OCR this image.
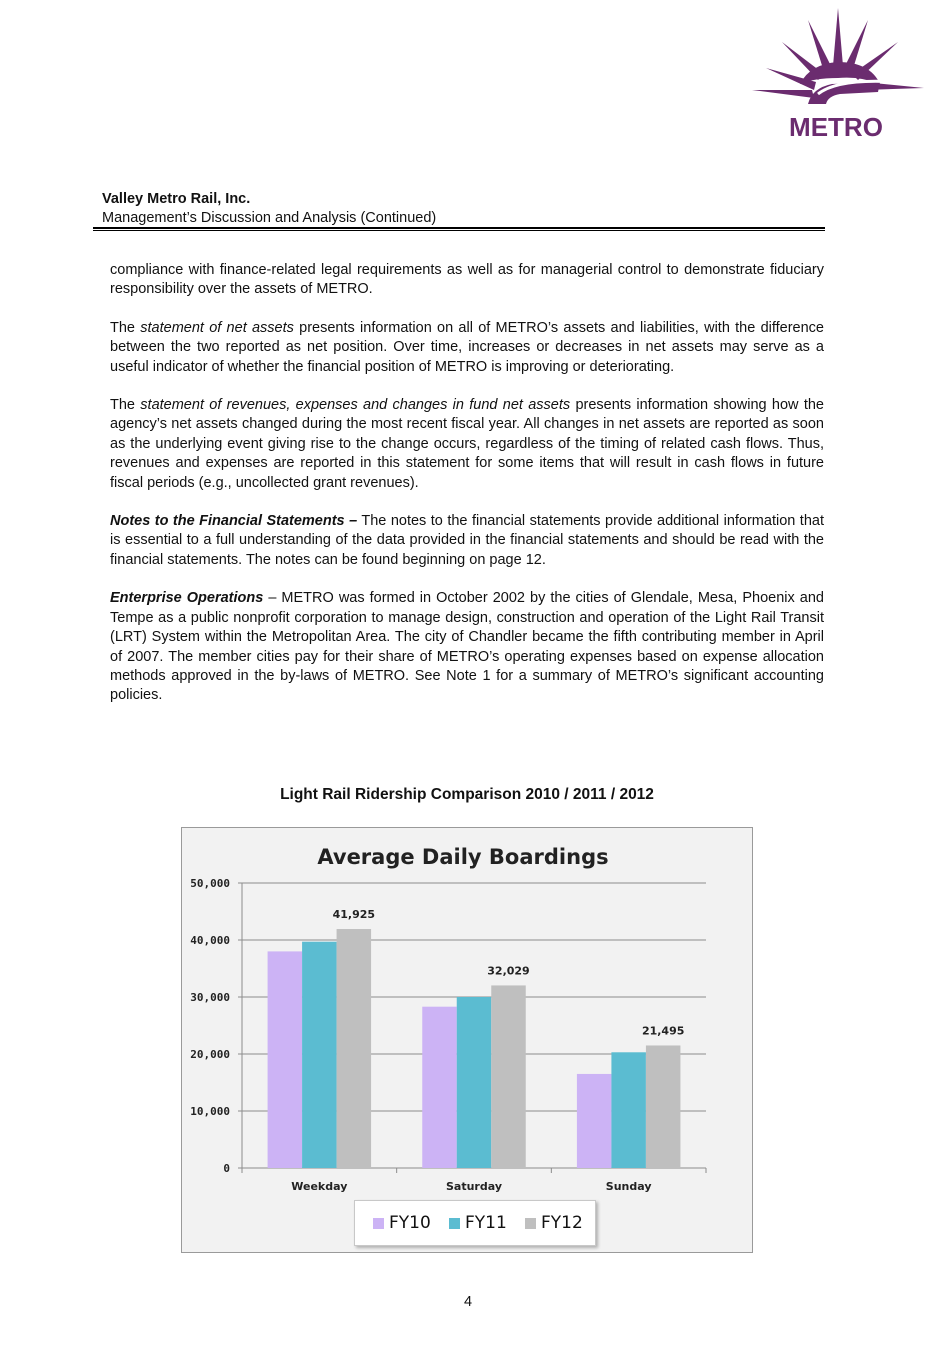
METRO
Valley Metro Rail, Inc.
Management’s Discussion and Analysis (Continued)

compliance with finance-related legal requirements as well as for managerial control to demonstrate fiduciary responsibility over the assets of METRO.

The statement of net assets presents information on all of METRO’s assets and liabilities, with the difference between the two reported as net position. Over time, increases or decreases in net assets may serve as a useful indicator of whether the financial position of METRO is improving or deteriorating.

The statement of revenues, expenses and changes in fund net assets presents information showing how the agency’s net assets changed during the most recent fiscal year. All changes in net assets are reported as soon as the underlying event giving rise to the change occurs, regardless of the timing of related cash flows. Thus, revenues and expenses are reported in this statement for some items that will result in cash flows in future fiscal periods (e.g., uncollected grant revenues).

Notes to the Financial Statements – The notes to the financial statements provide additional information that is essential to a full understanding of the data provided in the financial statements and should be read with the financial statements. The notes can be found beginning on page 12.

Enterprise Operations – METRO was formed in October 2002 by the cities of Glendale, Mesa, Phoenix and Tempe as a public nonprofit corporation to manage design, construction and operation of the Light Rail Transit (LRT) System within the Metropolitan Area. The city of Chandler became the fifth contributing member in April of 2007. The member cities pay for their share of METRO’s operating expenses based on expense allocation methods approved in the by-laws of METRO. See Note 1 for a summary of METRO’s significant accounting policies.

Light Rail Ridership Comparison 2010 / 2011 / 2012
Average Daily Boardings
0
10,000
20,000
30,000
40,000
50,000
41,925
Weekday
32,029
Saturday
21,495
Sunday
FY10 FY11 FY12
4
